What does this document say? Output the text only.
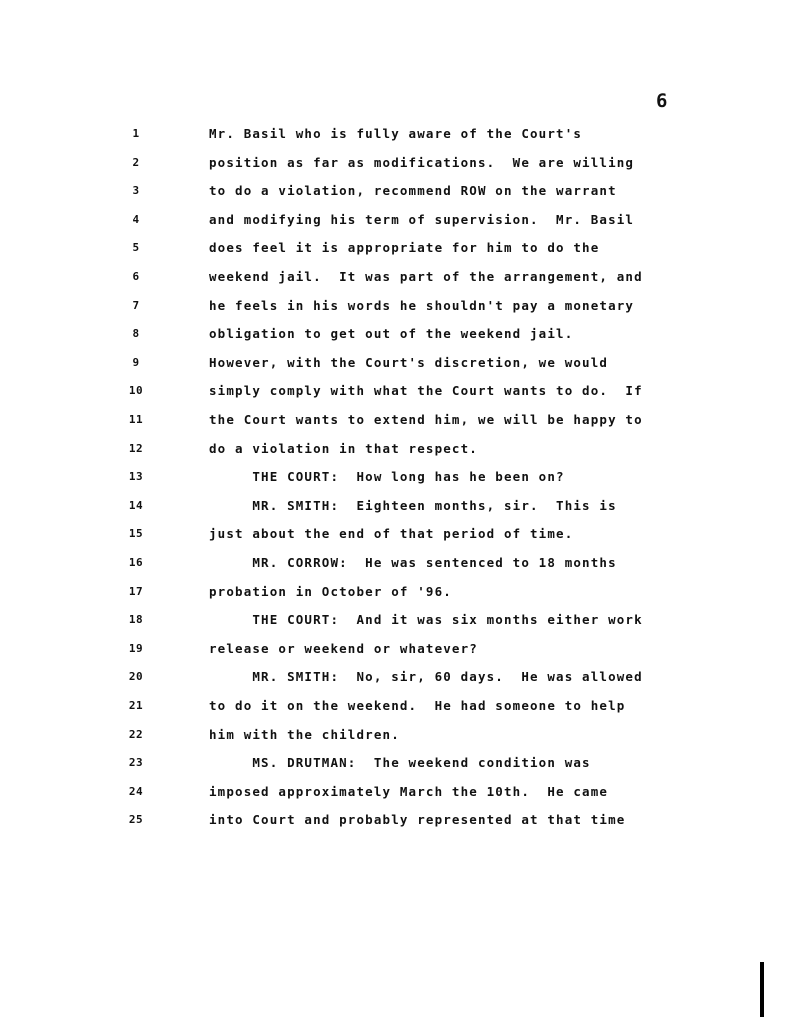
6
1	Mr. Basil who is fully aware of the Court's
2	position as far as modifications.  We are willing
3	to do a violation, recommend ROW on the warrant
4	and modifying his term of supervision.  Mr. Basil
5	does feel it is appropriate for him to do the
6	weekend jail.  It was part of the arrangement, and
7	he feels in his words he shouldn't pay a monetary
8	obligation to get out of the weekend jail.
9	However, with the Court's discretion, we would
10	simply comply with what the Court wants to do.  If
11	the Court wants to extend him, we will be happy to
12	do a violation in that respect.
13	THE COURT:  How long has he been on?
14	MR. SMITH:  Eighteen months, sir.  This is
15	just about the end of that period of time.
16	MR. CORROW:  He was sentenced to 18 months
17	probation in October of '96.
18	THE COURT:  And it was six months either work
19	release or weekend or whatever?
20	MR. SMITH:  No, sir, 60 days.  He was allowed
21	to do it on the weekend.  He had someone to help
22	him with the children.
23	MS. DRUTMAN:  The weekend condition was
24	imposed approximately March the 10th.  He came
25	into Court and probably represented at that time
